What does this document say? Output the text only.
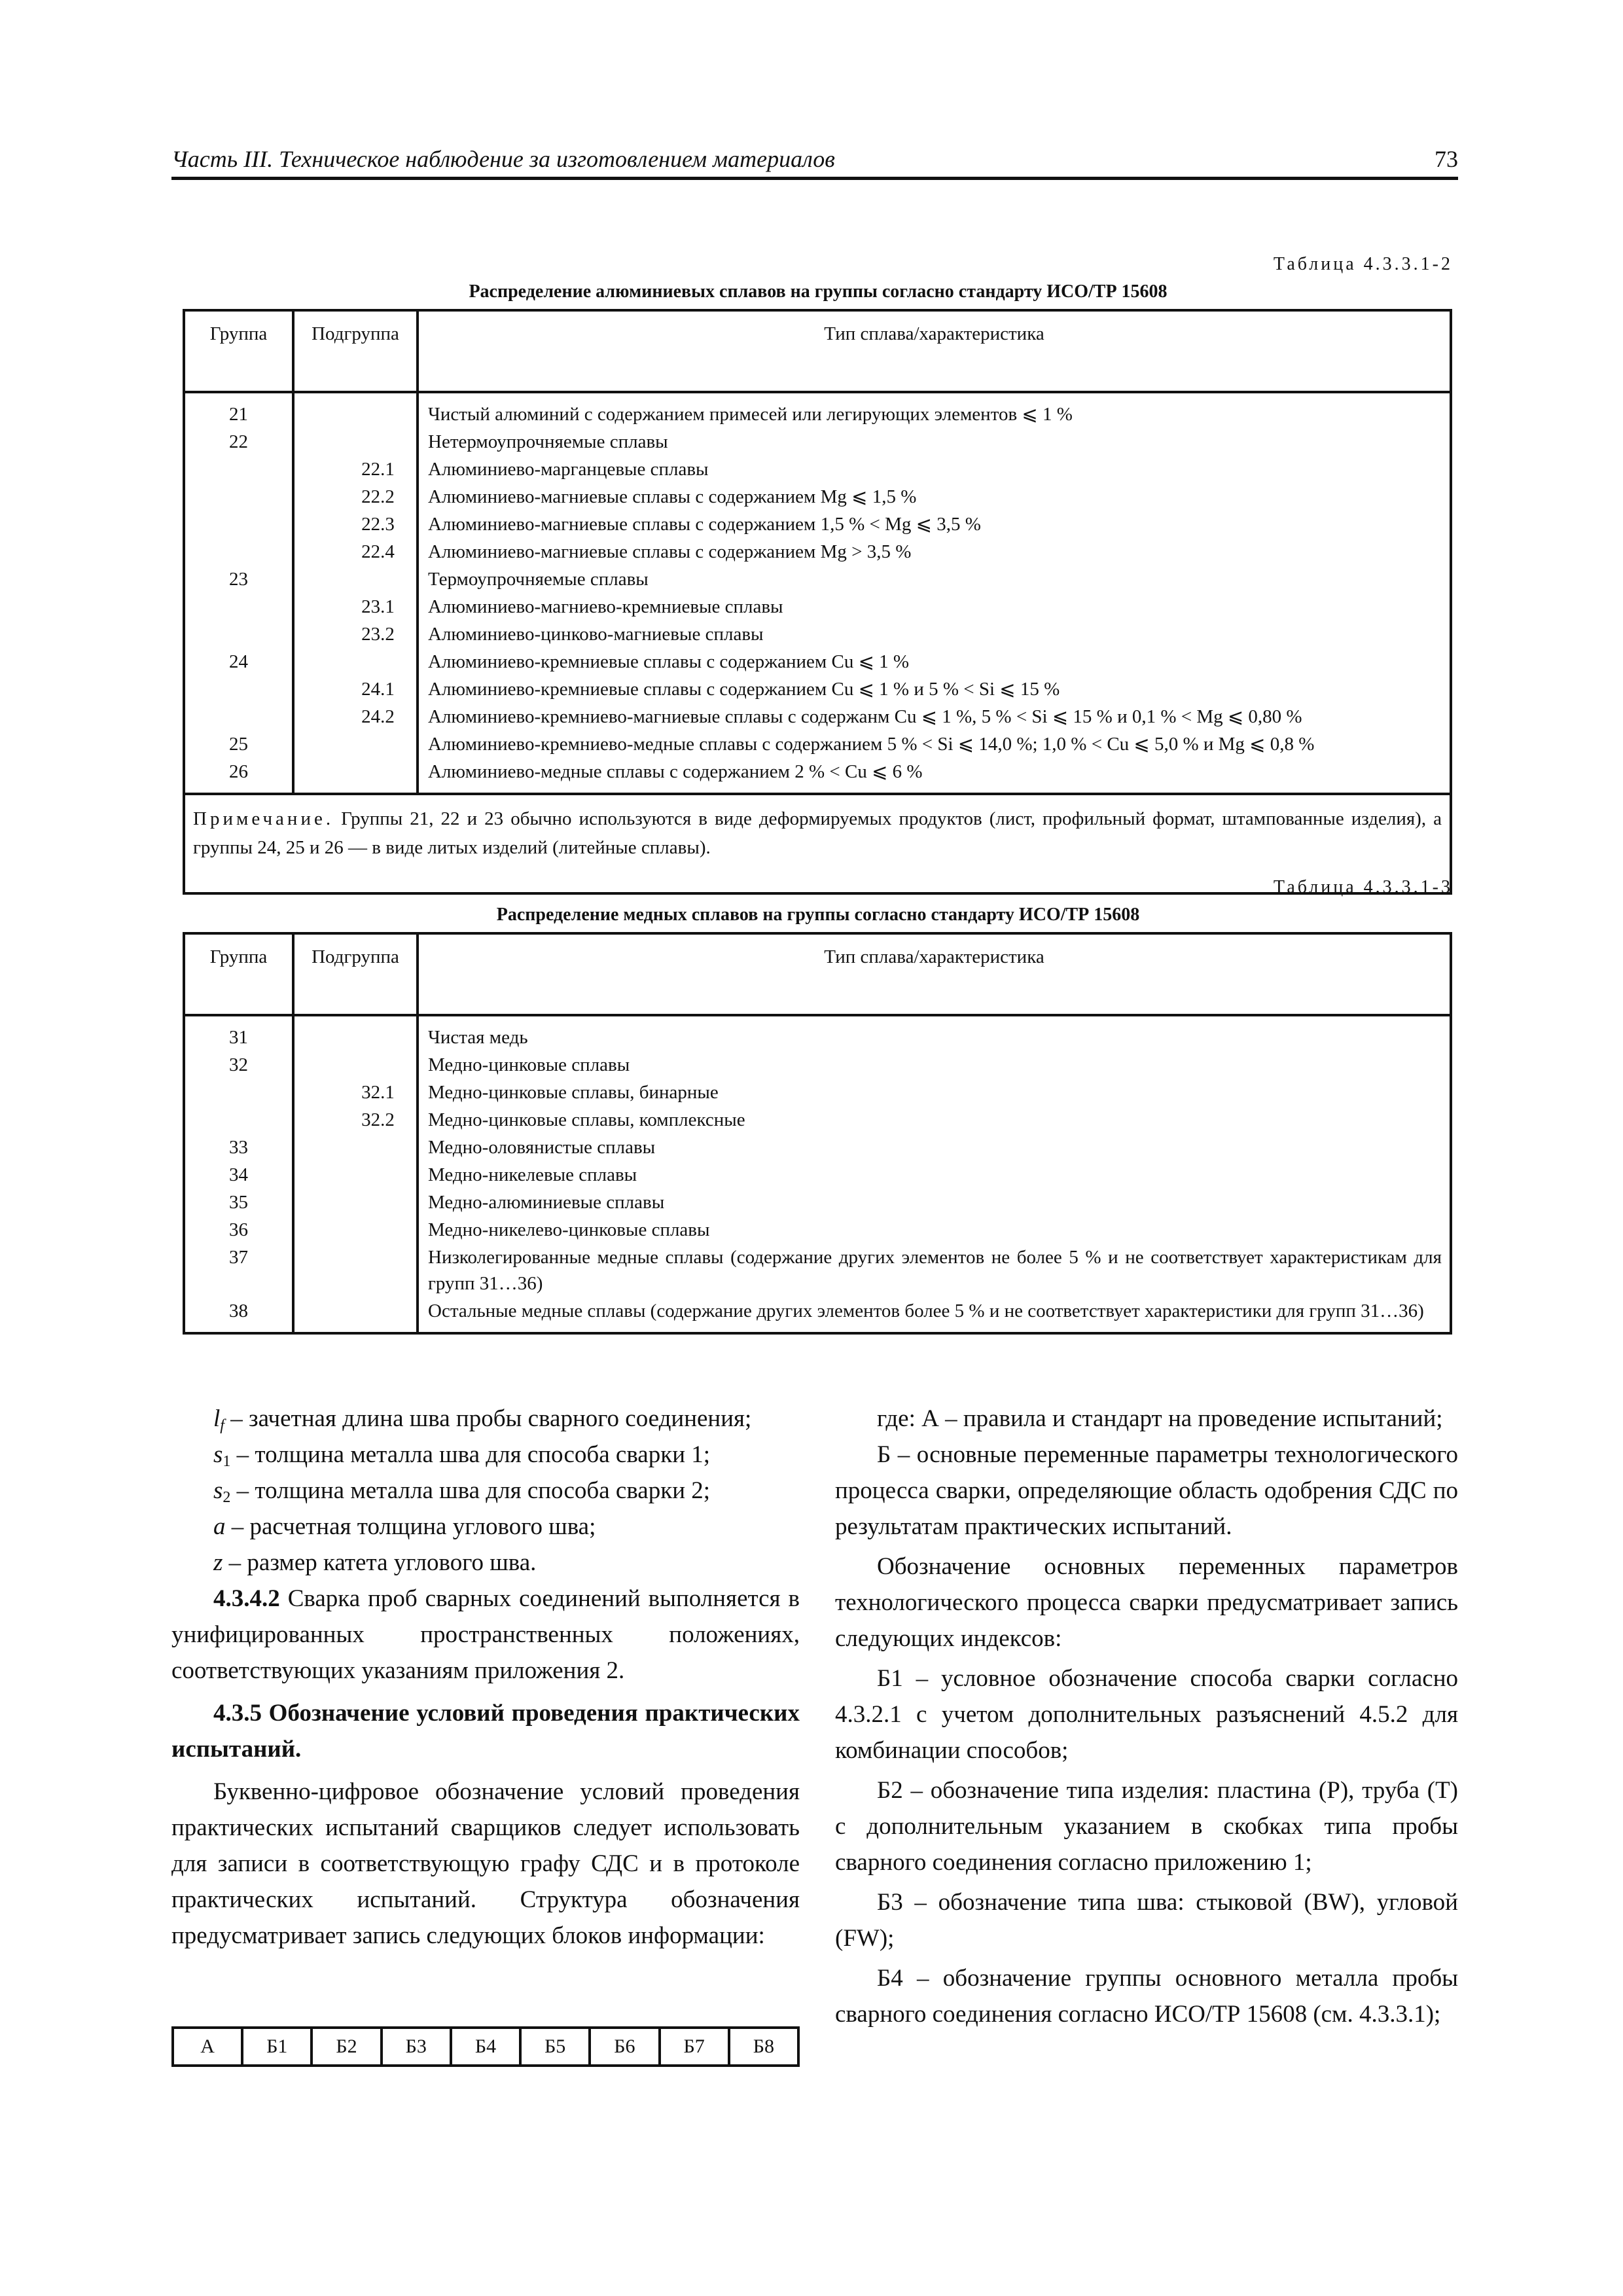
Часть III. Техническое наблюдение за изготовлением материалов	73
Таблица 4.3.3.1-2
Распределение алюминиевых сплавов на группы согласно стандарту ИСО/ТР 15608
Группа	Подгруппа	Тип сплава/характеристика
21		Чистый алюминий с содержанием примесей или легирующих элементов ⩽ 1 %
22		Нетермоупрочняемые сплавы
	22.1	Алюминиево-марганцевые сплавы
	22.2	Алюминиево-магниевые сплавы с содержанием Mg ⩽ 1,5 %
	22.3	Алюминиево-магниевые сплавы с содержанием 1,5 % < Mg ⩽ 3,5 %
	22.4	Алюминиево-магниевые сплавы с содержанием Mg > 3,5 %
23		Термоупрочняемые сплавы
	23.1	Алюминиево-магниево-кремниевые сплавы
	23.2	Алюминиево-цинково-магниевые сплавы
24		Алюминиево-кремниевые сплавы с содержанием Cu ⩽ 1 %
	24.1	Алюминиево-кремниевые сплавы с содержанием Cu ⩽ 1 % и 5 % < Si ⩽ 15 %
	24.2	Алюминиево-кремниево-магниевые сплавы с содержанм Cu ⩽ 1 %, 5 % < Si ⩽ 15 % и 0,1 % < Mg ⩽ 0,80 %
25		Алюминиево-кремниево-медные сплавы с содержанием 5 % < Si ⩽ 14,0 %; 1,0 % < Cu ⩽ 5,0 % и Mg ⩽ 0,8 %
26		Алюминиево-медные сплавы с содержанием 2 % < Cu ⩽ 6 %
Примечание. Группы 21, 22 и 23 обычно используются в виде деформируемых продуктов (лист, профильный формат, штампованные изделия), а группы 24, 25 и 26 — в виде литых изделий (литейные сплавы).		
Таблица 4.3.3.1-3
Распределение медных сплавов на группы согласно стандарту ИСО/ТР 15608
Группа	Подгруппа	Тип сплава/характеристика
31		Чистая медь
32		Медно-цинковые сплавы
	32.1	Медно-цинковые сплавы, бинарные
	32.2	Медно-цинковые сплавы, комплексные
33		Медно-оловянистые сплавы
34		Медно-никелевые сплавы
35		Медно-алюминиевые сплавы
36		Медно-никелево-цинковые сплавы
37		Низколегированные медные сплавы (содержание других элементов не более 5 % и не соответствует характеристикам для групп 31…36)
38		Остальные медные сплавы (содержание других элементов более 5 % и не соответствует характеристики для групп 31…36)

$l_f$ – зачетная длина шва пробы сварного соединения;

$s_1$ – толщина металла шва для способа сварки 1;

$s_2$ – толщина металла шва для способа сварки 2;

a – расчетная толщина углового шва;

z – размер катета углового шва.

4.3.4.2 Сварка проб сварных соединений выполняется в унифицированных пространственных положениях, соответствующих указаниям приложения 2.

4.3.5 Обозначение условий проведения практических испытаний.

Буквенно-цифровое обозначение условий проведения практических испытаний сварщиков следует использовать для записи в соответствующую графу СДС и в протоколе практических испытаний. Структура обозначения предусматривает запись следующих блоков информации:

А	Б1	Б2	Б3	Б4	Б5	Б6	Б7	Б8

где: А – правила и стандарт на проведение испытаний;

Б – основные переменные параметры технологического процесса сварки, определяющие область одобрения СДС по результатам практических испытаний.

Обозначение основных переменных параметров технологического процесса сварки предусматривает запись следующих индексов:

Б1 – условное обозначение способа сварки согласно 4.3.2.1 с учетом дополнительных разъяснений 4.5.2 для комбинации способов;

Б2 – обозначение типа изделия: пластина (P), труба (T) с дополнительным указанием в скобках типа пробы сварного соединения согласно приложению 1;

Б3 – обозначение типа шва: стыковой (BW), угловой (FW);

Б4 – обозначение группы основного металла пробы сварного соединения согласно ИСО/ТР 15608 (см. 4.3.3.1);
